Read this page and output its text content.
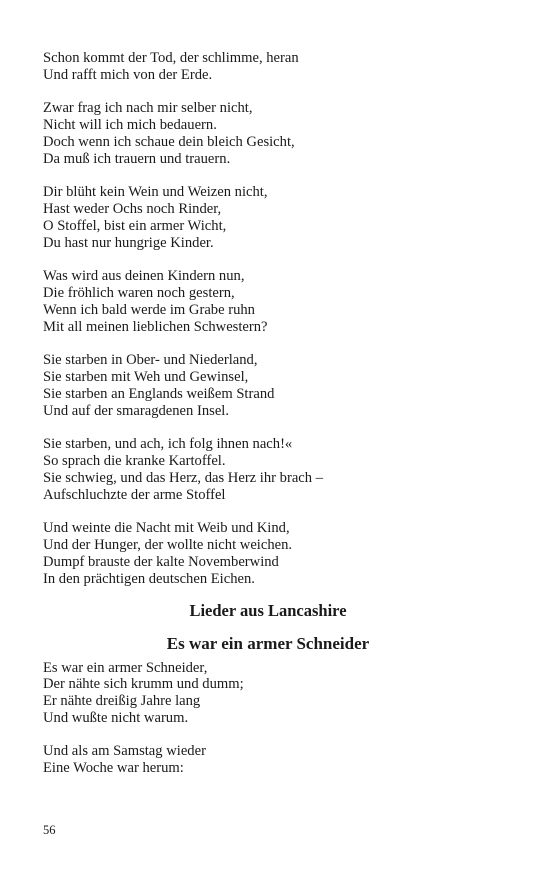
Schon kommt der Tod, der schlimme, heran
Und rafft mich von der Erde.
Zwar frag ich nach mir selber nicht,
Nicht will ich mich bedauern.
Doch wenn ich schaue dein bleich Gesicht,
Da muß ich trauern und trauern.
Dir blüht kein Wein und Weizen nicht,
Hast weder Ochs noch Rinder,
O Stoffel, bist ein armer Wicht,
Du hast nur hungrige Kinder.
Was wird aus deinen Kindern nun,
Die fröhlich waren noch gestern,
Wenn ich bald werde im Grabe ruhn
Mit all meinen lieblichen Schwestern?
Sie starben in Ober- und Niederland,
Sie starben mit Weh und Gewinsel,
Sie starben an Englands weißem Strand
Und auf der smaragdenen Insel.
Sie starben, und ach, ich folg ihnen nach!«
So sprach die kranke Kartoffel.
Sie schwieg, und das Herz, das Herz ihr brach –
Aufschluchzte der arme Stoffel
Und weinte die Nacht mit Weib und Kind,
Und der Hunger, der wollte nicht weichen.
Dumpf brauste der kalte Novemberwind
In den prächtigen deutschen Eichen.
Lieder aus Lancashire
Es war ein armer Schneider
Es war ein armer Schneider,
Der nähte sich krumm und dumm;
Er nähte dreißig Jahre lang
Und wußte nicht warum.
Und als am Samstag wieder
Eine Woche war herum:
56
